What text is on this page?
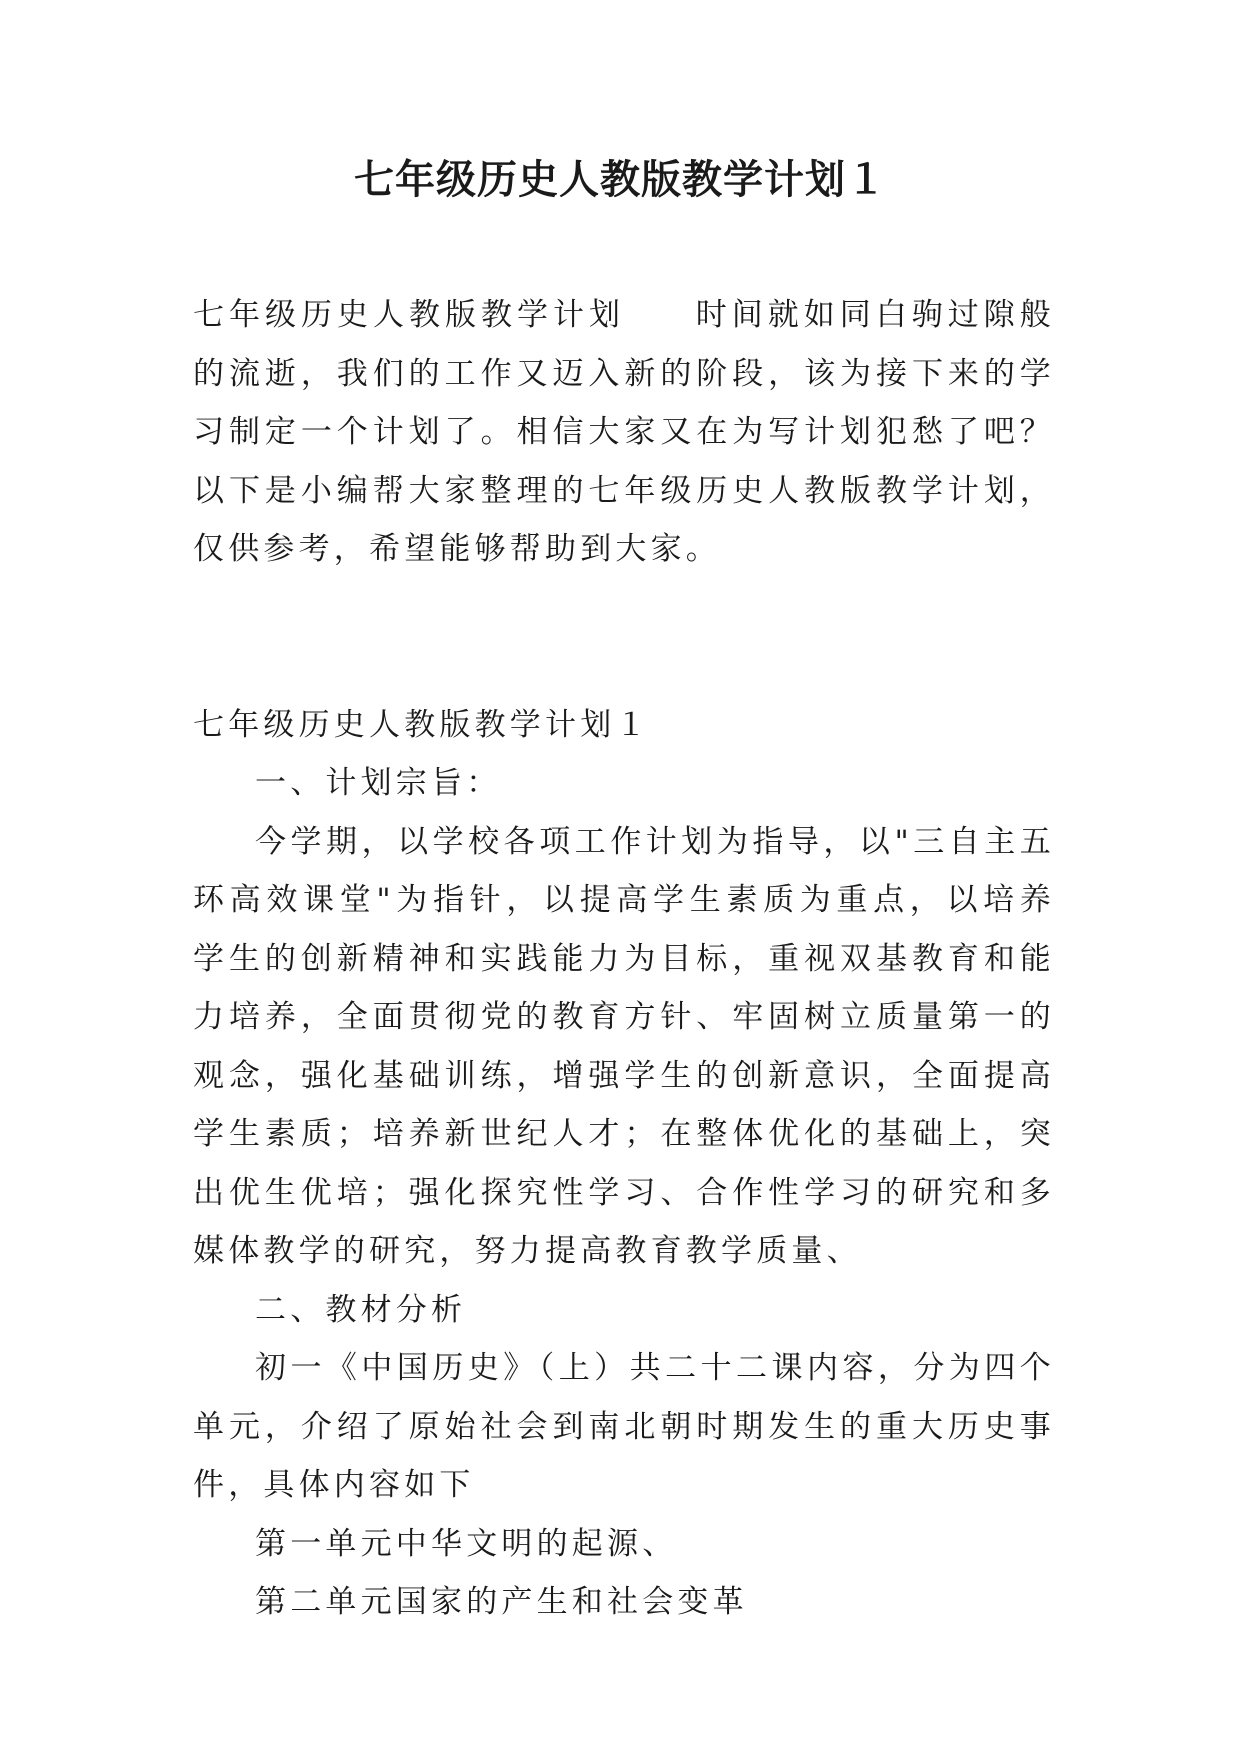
七年级历史人教版教学计划１

七年级历史人教版教学计划 时间就如同白驹过隙般的流逝，我们的工作又迈入新的阶段，该为接下来的学习制定一个计划了。相信大家又在为写计划犯愁了吧？以下是小编帮大家整理的七年级历史人教版教学计划，仅供参考，希望能够帮助到大家。

七年级历史人教版教学计划１

一、计划宗旨：

今学期，以学校各项工作计划为指导，以"三自主五环高效课堂"为指针，以提高学生素质为重点，以培养学生的创新精神和实践能力为目标，重视双基教育和能力培养，全面贯彻党的教育方针、牢固树立质量第一的观念，强化基础训练，增强学生的创新意识，全面提高学生素质；培养新世纪人才；在整体优化的基础上，突出优生优培；强化探究性学习、合作性学习的研究和多媒体教学的研究，努力提高教育教学质量、

二、教材分析

初一《中国历史》（上）共二十二课内容，分为四个单元，介绍了原始社会到南北朝时期发生的重大历史事件，具体内容如下

第一单元中华文明的起源、

第二单元国家的产生和社会变革
